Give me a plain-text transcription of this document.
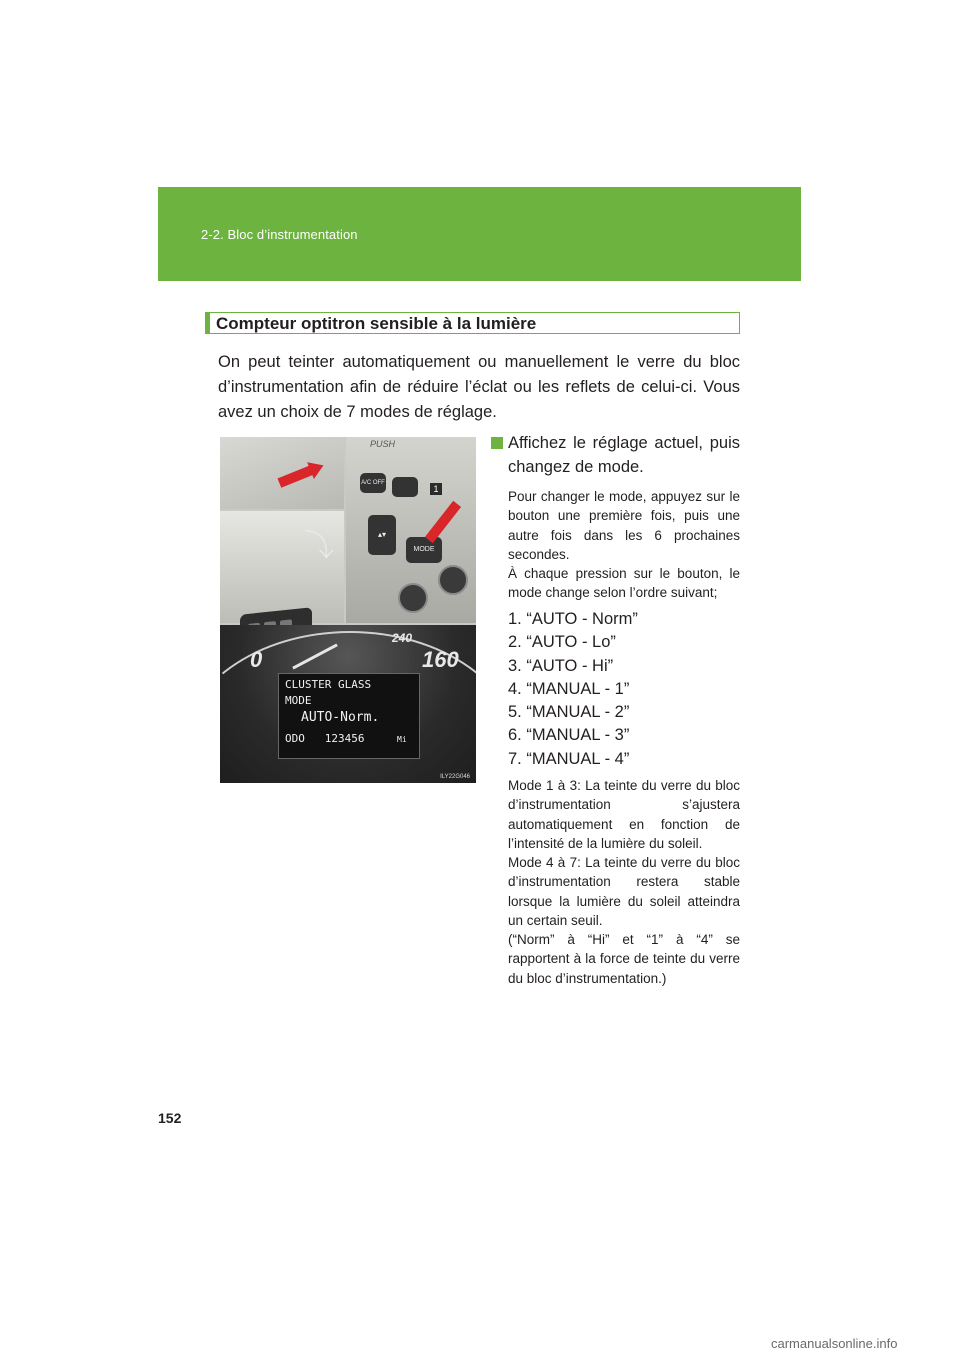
2-2. Bloc d’instrumentation
Compteur optitron sensible à la lumière
On peut teinter automatiquement ou manuellement le verre du bloc d’instrumentation afin de réduire l’éclat ou les reflets de celui-ci. Vous avez un choix de 7 modes de réglage.
⤵
PUSH
A/C OFF
▴▾
MODE
1
0
240
160
CLUSTER GLASS
MODE
AUTO-Norm.
ODO   123456	Mi
ILY22G046
Affichez le réglage actuel, puis changez de mode.
Pour changer le mode, appuyez sur le bouton une première fois, puis une autre fois dans les 6 prochaines secondes.
À chaque pression sur le bouton, le mode change selon l’ordre suivant;
1. “AUTO - Norm”
2. “AUTO - Lo”
3. “AUTO - Hi”
4. “MANUAL - 1”
5. “MANUAL - 2”
6. “MANUAL - 3”
7. “MANUAL - 4”
Mode 1 à 3: La teinte du verre du bloc d’instrumentation s’ajustera automatiquement en fonction de l’intensité de la lumière du soleil.
Mode 4 à 7: La teinte du verre du bloc d’instrumentation restera stable lorsque la lumière du soleil atteindra un certain seuil.
(“Norm” à “Hi” et “1” à “4” se rapportent à la force de teinte du verre du bloc d’instrumentation.)
152
carmanualsonline.info
